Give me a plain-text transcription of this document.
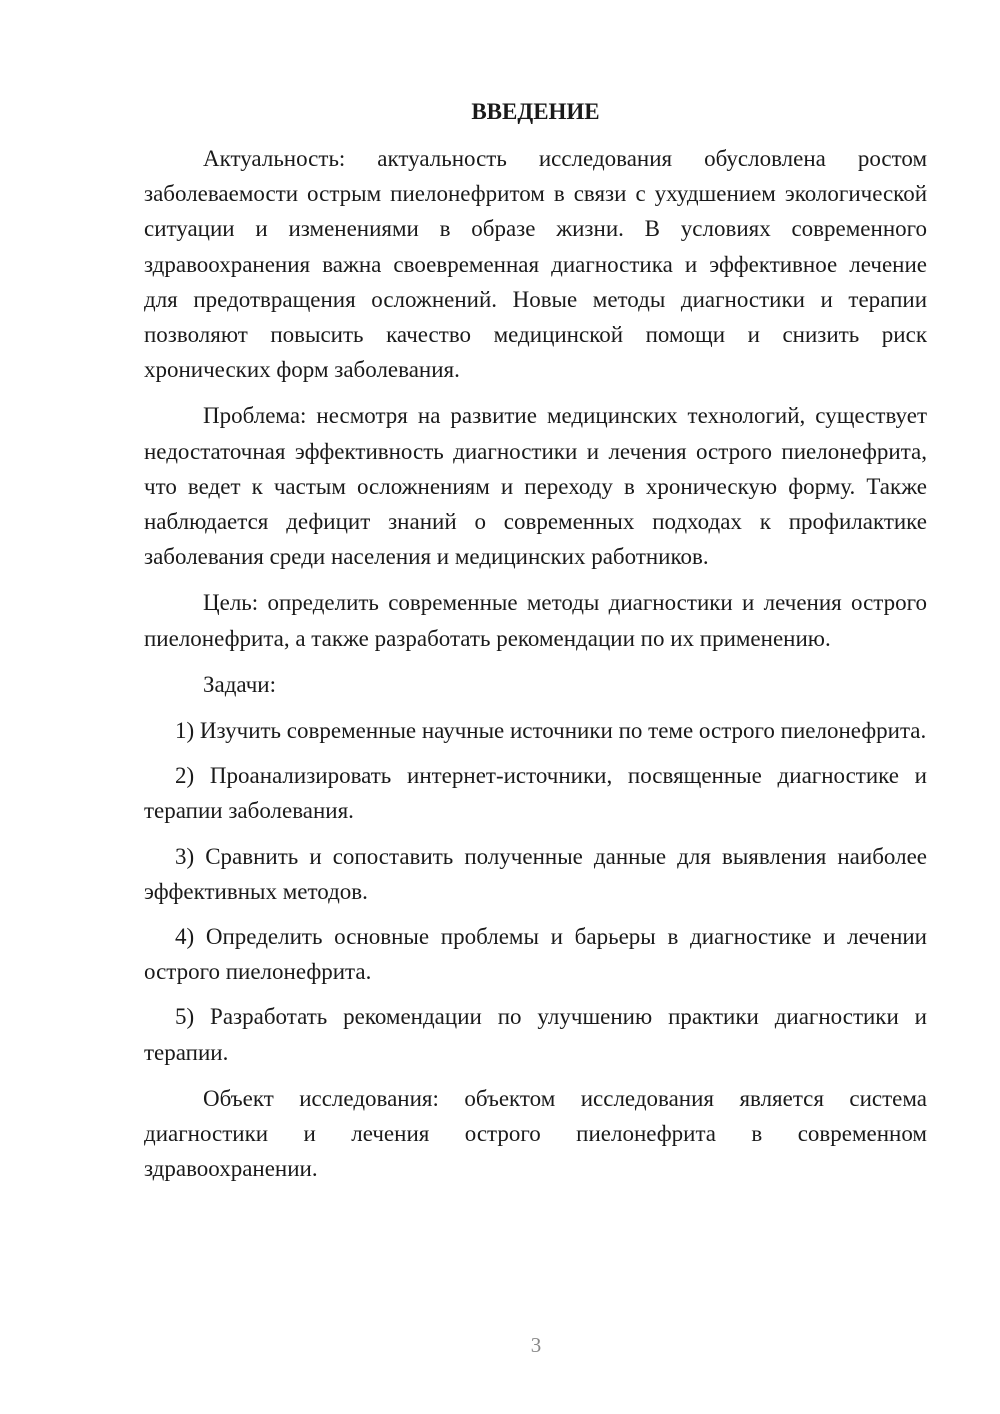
ВВЕДЕНИЕ

Актуальность: актуальность исследования обусловлена ростом заболеваемости острым пиелонефритом в связи с ухудшением экологической ситуации и изменениями в образе жизни. В условиях современного здравоохранения важна своевременная диагностика и эффективное лечение для предотвращения осложнений. Новые методы диагностики и терапии позволяют повысить качество медицинской помощи и снизить риск хронических форм заболевания.

Проблема: несмотря на развитие медицинских технологий, существует недостаточная эффективность диагностики и лечения острого пиелонефрита, что ведет к частым осложнениям и переходу в хроническую форму. Также наблюдается дефицит знаний о современных подходах к профилактике заболевания среди населения и медицинских работников.

Цель: определить современные методы диагностики и лечения острого пиелонефрита, а также разработать рекомендации по их применению.

Задачи:

1) Изучить современные научные источники по теме острого пиелонефрита.

2) Проанализировать интернет-источники, посвященные диагностике и терапии заболевания.

3) Сравнить и сопоставить полученные данные для выявления наиболее эффективных методов.

4) Определить основные проблемы и барьеры в диагностике и лечении острого пиелонефрита.

5) Разработать рекомендации по улучшению практики диагностики и терапии.

Объект исследования: объектом исследования является система диагностики и лечения острого пиелонефрита в современном здравоохранении.

3
